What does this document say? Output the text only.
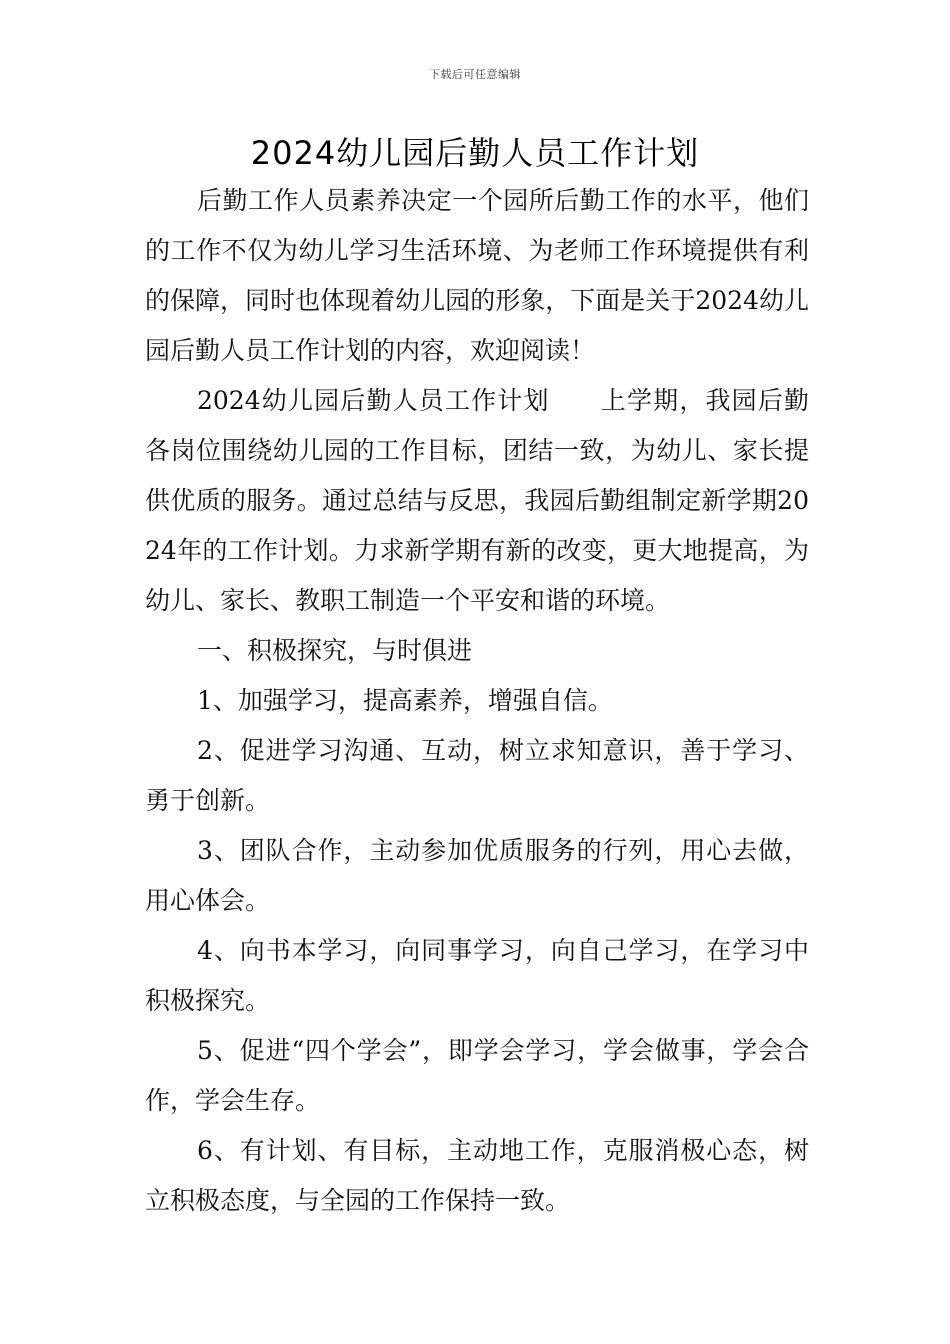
下载后可任意编辑
2024幼儿园后勤人员工作计划

后勤工作人员素养决定一个园所后勤工作的水平，他们的工作不仅为幼儿学习生活环境、为老师工作环境提供有利的保障，同时也体现着幼儿园的形象，下面是关于2024幼儿园后勤人员工作计划的内容，欢迎阅读！

2024幼儿园后勤人员工作计划 上学期，我园后勤各岗位围绕幼儿园的工作目标，团结一致，为幼儿、家长提供优质的服务。通过总结与反思，我园后勤组制定新学期2024年的工作计划。力求新学期有新的改变，更大地提高，为幼儿、家长、教职工制造一个平安和谐的环境。

一、积极探究，与时俱进

1、加强学习，提高素养，增强自信。

2、促进学习沟通、互动，树立求知意识，善于学习、勇于创新。

3、团队合作，主动参加优质服务的行列，用心去做，用心体会。

4、向书本学习，向同事学习，向自己学习，在学习中积极探究。

5、促进“四个学会”，即学会学习，学会做事，学会合作，学会生存。

6、有计划、有目标，主动地工作，克服消极心态，树立积极态度，与全园的工作保持一致。
